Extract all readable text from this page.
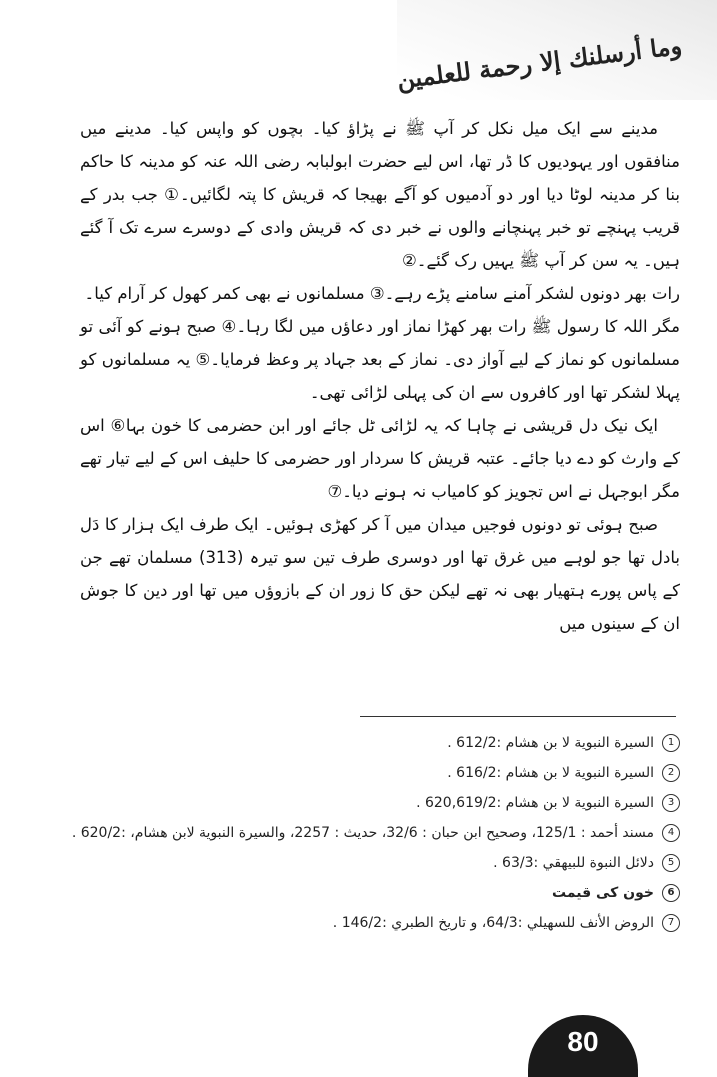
وما أرسلنك إلا رحمة للعلمين

مدینے سے ایک میل نکل کر آپ ﷺ نے پڑاؤ کیا۔ بچوں کو واپس کیا۔ مدینے میں منافقوں اور یہودیوں کا ڈر تھا، اس لیے حضرت ابولبابہ رضی اللہ عنہ کو مدینہ کا حاکم بنا کر مدینہ لوٹا دیا اور دو آدمیوں کو آگے بھیجا کہ قریش کا پتہ لگائیں۔① جب بدر کے قریب پہنچے تو خبر پہنچانے والوں نے خبر دی کہ قریش وادی کے دوسرے سرے تک آ گئے ہیں۔ یہ سن کر آپ ﷺ یہیں رک گئے۔②

رات بھر دونوں لشکر آمنے سامنے پڑے رہے۔③ مسلمانوں نے بھی کمر کھول کر آرام کیا۔

مگر اللہ کا رسول ﷺ رات بھر کھڑا نماز اور دعاؤں میں لگا رہا۔④ صبح ہونے کو آئی تو مسلمانوں کو نماز کے لیے آواز دی۔ نماز کے بعد جہاد پر وعظ فرمایا۔⑤ یہ مسلمانوں کو پہلا لشکر تھا اور کافروں سے ان کی پہلی لڑائی تھی۔

ایک نیک دل قریشی نے چاہا کہ یہ لڑائی ٹل جائے اور ابن حضرمی کا خون بہا⑥ اس کے وارث کو دے دیا جائے۔ عتبہ قریش کا سردار اور حضرمی کا حلیف اس کے لیے تیار تھے مگر ابوجہل نے اس تجویز کو کامیاب نہ ہونے دیا۔⑦

صبح ہوئی تو دونوں فوجیں میدان میں آ کر کھڑی ہوئیں۔ ایک طرف ایک ہزار کا دَل بادل تھا جو لوہے میں غرق تھا اور دوسری طرف تین سو تیرہ (313) مسلمان تھے جن کے پاس پورے ہتھیار بھی نہ تھے لیکن حق کا زور ان کے بازوؤں میں تھا اور دین کا جوش ان کے سینوں میں

1السيرة النبوية لا بن هشام :612/2 .
2السيرة النبوية لا بن هشام :616/2 .
3السيرة النبوية لا بن هشام :620,619/2 .
4مسند أحمد : 125/1، وصحيح ابن حبان : 32/6، حديث : 2257، والسيرة النبوية لابن هشام، :620/2 .
5دلائل النبوة للبيهقي :63/3 .
6خون کی قیمت
7الروض الأنف للسهيلي :64/3، و تاريخ الطبري :146/2 .
80
